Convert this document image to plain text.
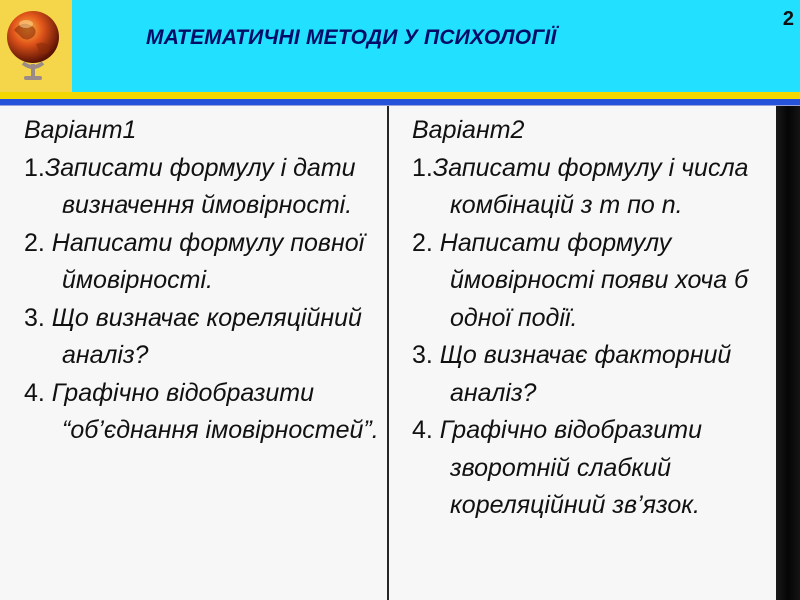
МАТЕМАТИЧНІ МЕТОДИ У ПСИХОЛОГІЇ
2

Варіант1

1.Записати формулу і дати визначення ймовірності.

2. Написати формулу повної ймовірності.

3. Що визначає кореляційний аналіз?

4. Графічно відобразити “об’єднання імовірностей”.

Варіант2

1.Записати формулу і числа комбінацій з m по n.

2. Написати формулу ймовірності появи хоча б одної події.

3. Що визначає факторний аналіз?

4. Графічно відобразити зворотній слабкий кореляційний зв’язок.
